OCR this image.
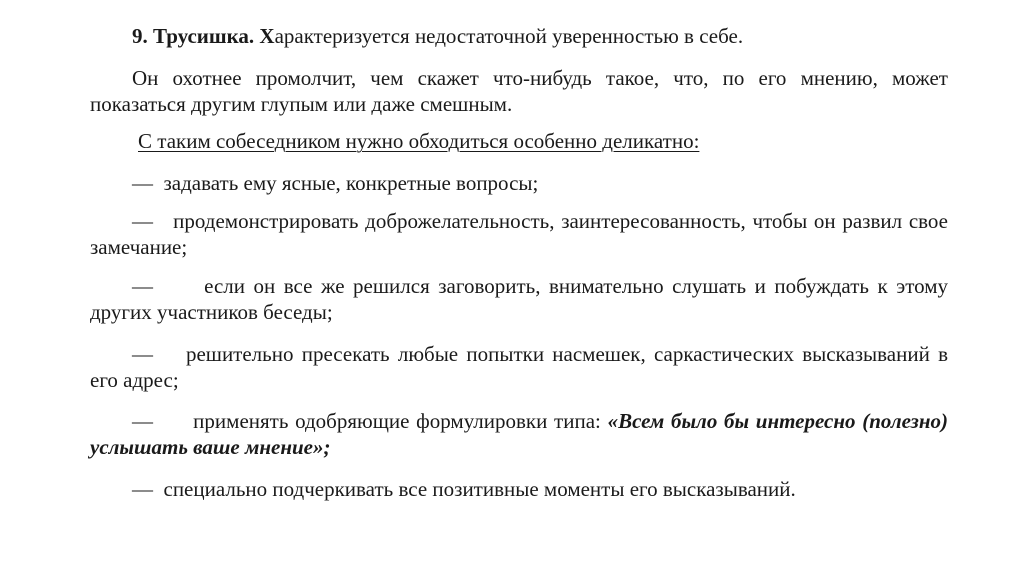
9. Трусишка. Характеризуется недостаточной уверенностью в себе.

Он охотнее промолчит, чем скажет что-нибудь такое, что, по его мнению, может показаться другим глупым или даже смешным.

С таким собеседником нужно обходиться особенно деликатно:

— задавать ему ясные, конкретные вопросы;

— продемонстрировать доброжелательность, заинтересованность, чтобы он развил свое замечание;

— если он все же решился заговорить, внимательно слушать и побуждать к этому других участников беседы;

— решительно пресекать любые попытки насмешек, саркастических высказываний в его адрес;

— применять одобряющие формулировки типа: «Всем было бы интересно (полезно) услышать ваше мнение»;

— специально подчеркивать все позитивные моменты его высказываний.
